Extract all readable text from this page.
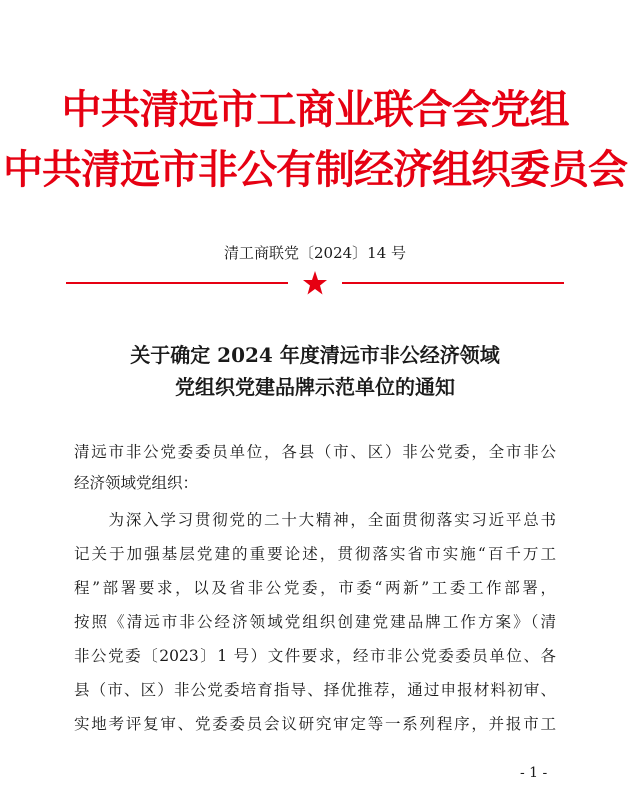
中共清远市工商业联合会党组
中共清远市非公有制经济组织委员会
清工商联党〔2024〕14 号
关于确定 2024 年度清远市非公经济领域
党组织党建品牌示范单位的通知
清远市非公党委委员单位，各县（市、区）非公党委，全市非公
经济领域党组织：
　　为深入学习贯彻党的二十大精神，全面贯彻落实习近平总书
记关于加强基层党建的重要论述，贯彻落实省市实施“百千万工
程”部署要求，以及省非公党委，市委“两新”工委工作部署，
按照《清远市非公经济领域党组织创建党建品牌工作方案》（清
非公党委〔2023〕1 号）文件要求，经市非公党委委员单位、各
县（市、区）非公党委培育指导、择优推荐，通过申报材料初审、
实地考评复审、党委委员会议研究审定等一系列程序，并报市工
- 1 -
